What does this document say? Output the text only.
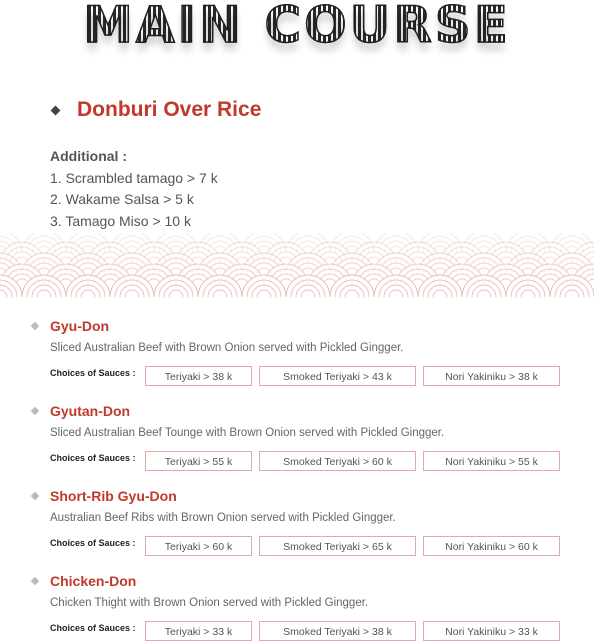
MAIN COURSE
Donburi Over Rice
Additional :
1. Scrambled tamago > 7 k
2. Wakame Salsa > 5 k
3. Tamago Miso > 10 k
Gyu-Don
Sliced Australian Beef with Brown Onion served with Pickled Gingger.
Choices of Sauces :	Teriyaki > 38 k	Smoked Teriyaki > 43 k	Nori Yakiniku > 38 k
Gyutan-Don
Sliced Australian Beef Tounge with Brown Onion served with Pickled Gingger.
Choices of Sauces :	Teriyaki > 55 k	Smoked Teriyaki > 60 k	Nori Yakiniku > 55 k
Short-Rib Gyu-Don
Australian Beef Ribs with Brown Onion served with Pickled Gingger.
Choices of Sauces :	Teriyaki > 60 k	Smoked Teriyaki > 65 k	Nori Yakiniku > 60 k
Chicken-Don
Chicken Thight with Brown Onion served with Pickled Gingger.
Choices of Sauces :	Teriyaki > 33 k	Smoked Teriyaki > 38 k	Nori Yakiniku > 33 k
